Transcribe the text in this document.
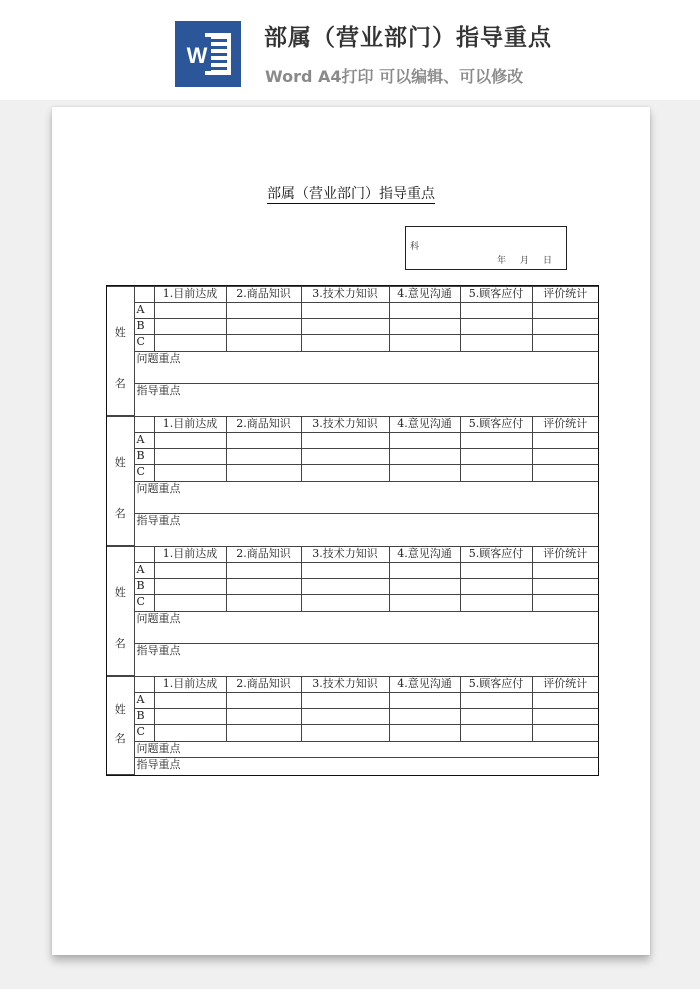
W
部属（营业部门）指导重点
Word A4打印 可以编辑、可以修改
部属（营业部门）指导重点
科
年 月 日
姓
名		1.目前达成	2.商品知识	3.技术力知识	4.意见沟通	5.顾客应付	评价统计
	A						
	B						
	C						
	问题重点						
	指导重点						
姓
名		1.目前达成	2.商品知识	3.技术力知识	4.意见沟通	5.顾客应付	评价统计
	A						
	B						
	C						
	问题重点						
	指导重点						
姓
名		1.目前达成	2.商品知识	3.技术力知识	4.意见沟通	5.顾客应付	评价统计
	A						
	B						
	C						
	问题重点						
	指导重点						
姓
名		1.目前达成	2.商品知识	3.技术力知识	4.意见沟通	5.顾客应付	评价统计
	A						
	B						
	C						
	问题重点						
	指导重点						
